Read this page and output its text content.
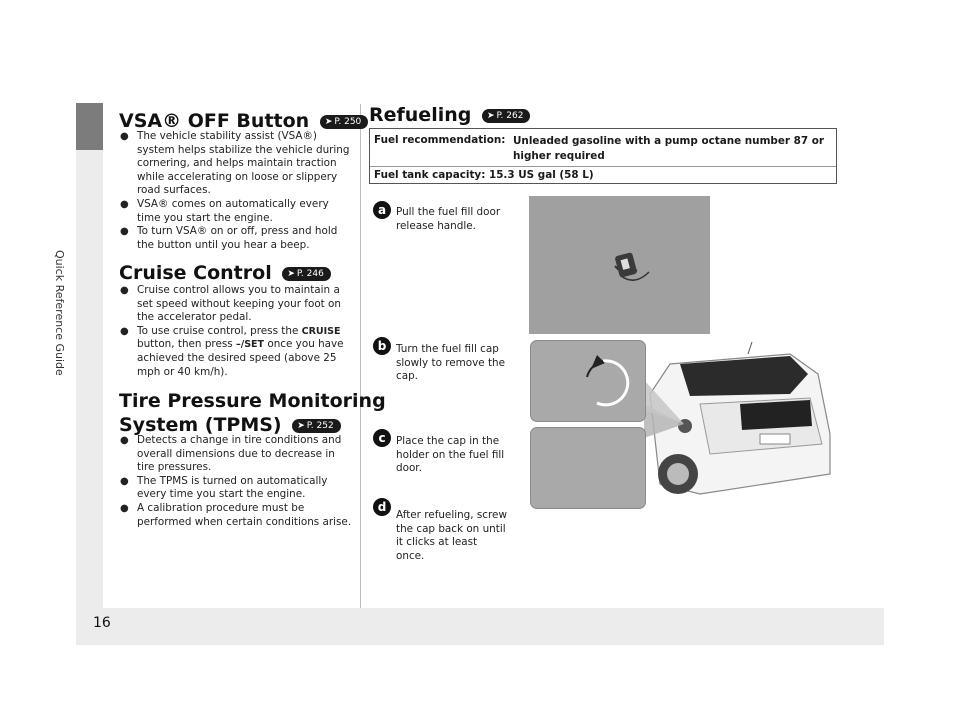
Quick Reference Guide
16
VSA® OFF Button ➤ P. 250

● The vehicle stability assist (VSA®) system helps stabilize the vehicle during cornering, and helps maintain traction while accelerating on loose or slippery road surfaces.

● VSA® comes on automatically every time you start the engine.

● To turn VSA® on or off, press and hold the button until you hear a beep.

Cruise Control ➤ P. 246

● Cruise control allows you to maintain a set speed without keeping your foot on the accelerator pedal.

● To use cruise control, press the CRUISE button, then press –/SET once you have achieved the desired speed (above 25 mph or 40 km/h).

Tire Pressure Monitoring
System (TPMS) ➤ P. 252

● Detects a change in tire conditions and overall dimensions due to decrease in tire pressures.

● The TPMS is turned on automatically every time you start the engine.

● A calibration procedure must be performed when certain conditions arise.

Refueling ➤ P. 262
Fuel recommendation: Unleaded gasoline with a pump octane number 87 or higher required
Fuel tank capacity: 15.3 US gal (58 L)
a Pull the fuel fill door release handle.
b Turn the fuel fill cap slowly to remove the cap.
c	Place the cap in the holder on the fuel fill door.
d
After refueling, screw the cap back on until it clicks at least once.
